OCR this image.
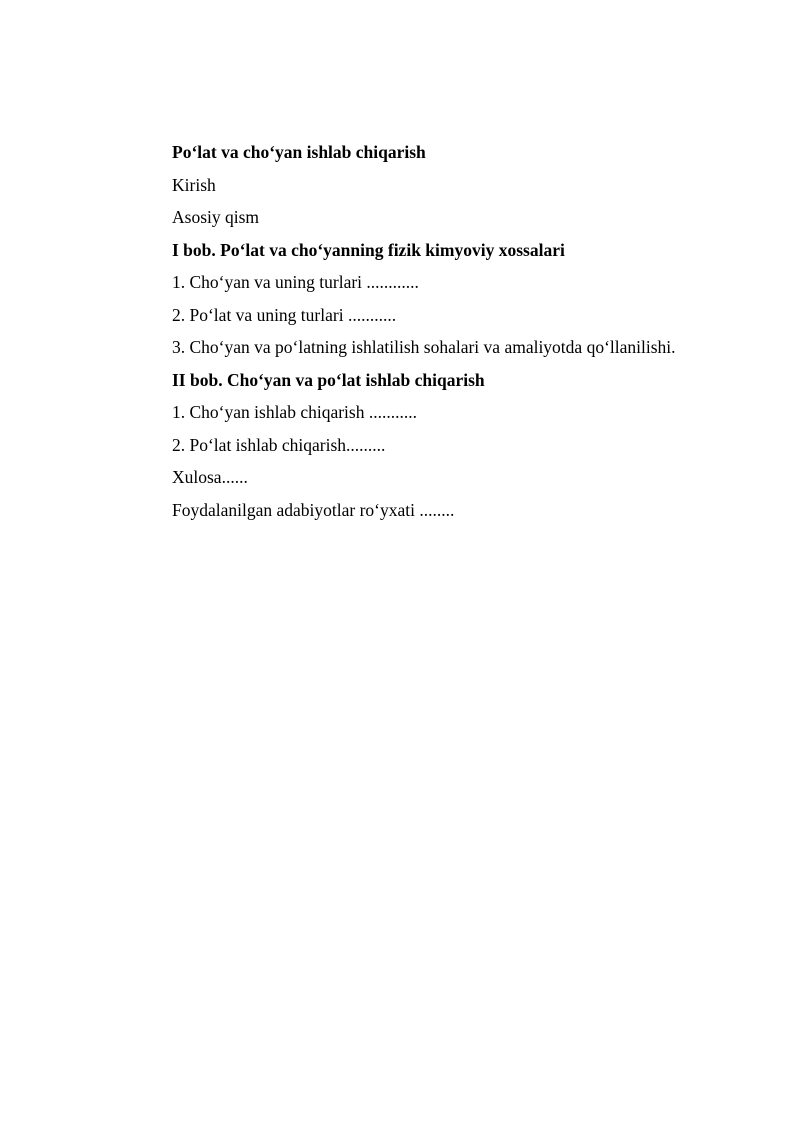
Po‘lat va cho‘yan ishlab chiqarish
Kirish
Asosiy qism
I bob. Po‘lat va cho‘yanning fizik kimyoviy xossalari
1. Cho‘yan va uning turlari ............
2. Po‘lat va uning turlari ...........
3. Cho‘yan va po‘latning ishlatilish sohalari va amaliyotda qo‘llanilishi.
II bob. Cho‘yan va po‘lat ishlab chiqarish
1. Cho‘yan ishlab chiqarish ...........
2. Po‘lat ishlab chiqarish.........
Xulosa......
Foydalanilgan adabiyotlar ro‘yxati ........
